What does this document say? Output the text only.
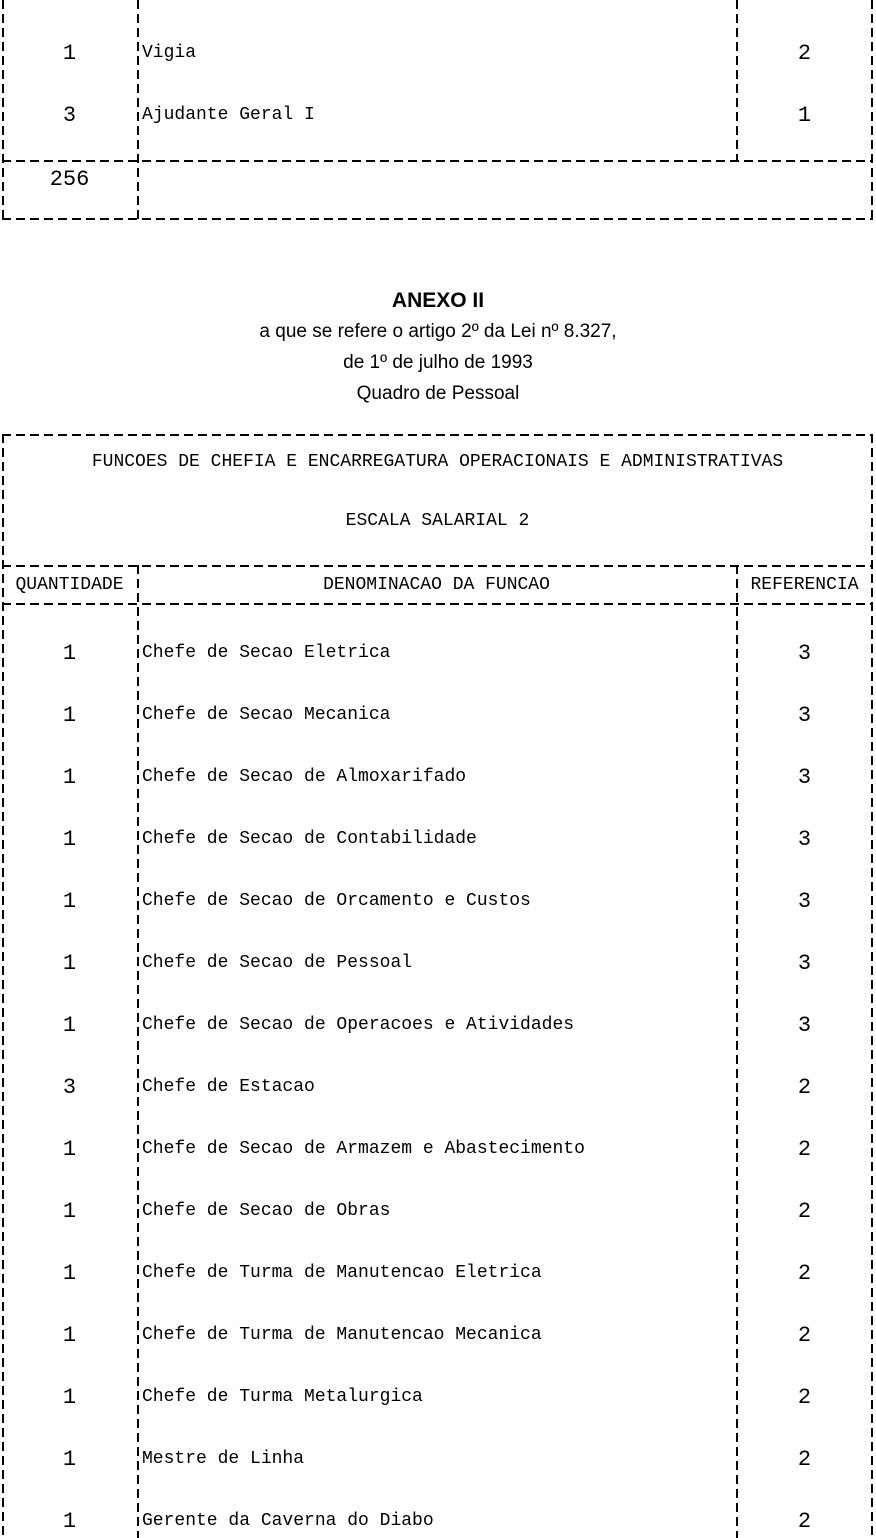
1	Vigia	2
3	Ajudante Geral I	1
256
ANEXO II
a que se refere o artigo 2º da Lei nº 8.327,
de 1º de julho de 1993
Quadro de Pessoal
FUNCOES DE CHEFIA E ENCARREGATURA OPERACIONAIS E ADMINISTRATIVAS
ESCALA SALARIAL 2
QUANTIDADE	DENOMINACAO DA FUNCAO	REFERENCIA
1	Chefe de Secao Eletrica	3
1	Chefe de Secao Mecanica	3
1	Chefe de Secao de Almoxarifado	3
1	Chefe de Secao de Contabilidade	3
1	Chefe de Secao de Orcamento e Custos	3
1	Chefe de Secao de Pessoal	3
1	Chefe de Secao de Operacoes e Atividades	3
3	Chefe de Estacao	2
1	Chefe de Secao de Armazem e Abastecimento	2
1	Chefe de Secao de Obras	2
1	Chefe de Turma de Manutencao Eletrica	2
1	Chefe de Turma de Manutencao Mecanica	2
1	Chefe de Turma Metalurgica	2
1	Mestre de Linha	2
1	Gerente da Caverna do Diabo	2
